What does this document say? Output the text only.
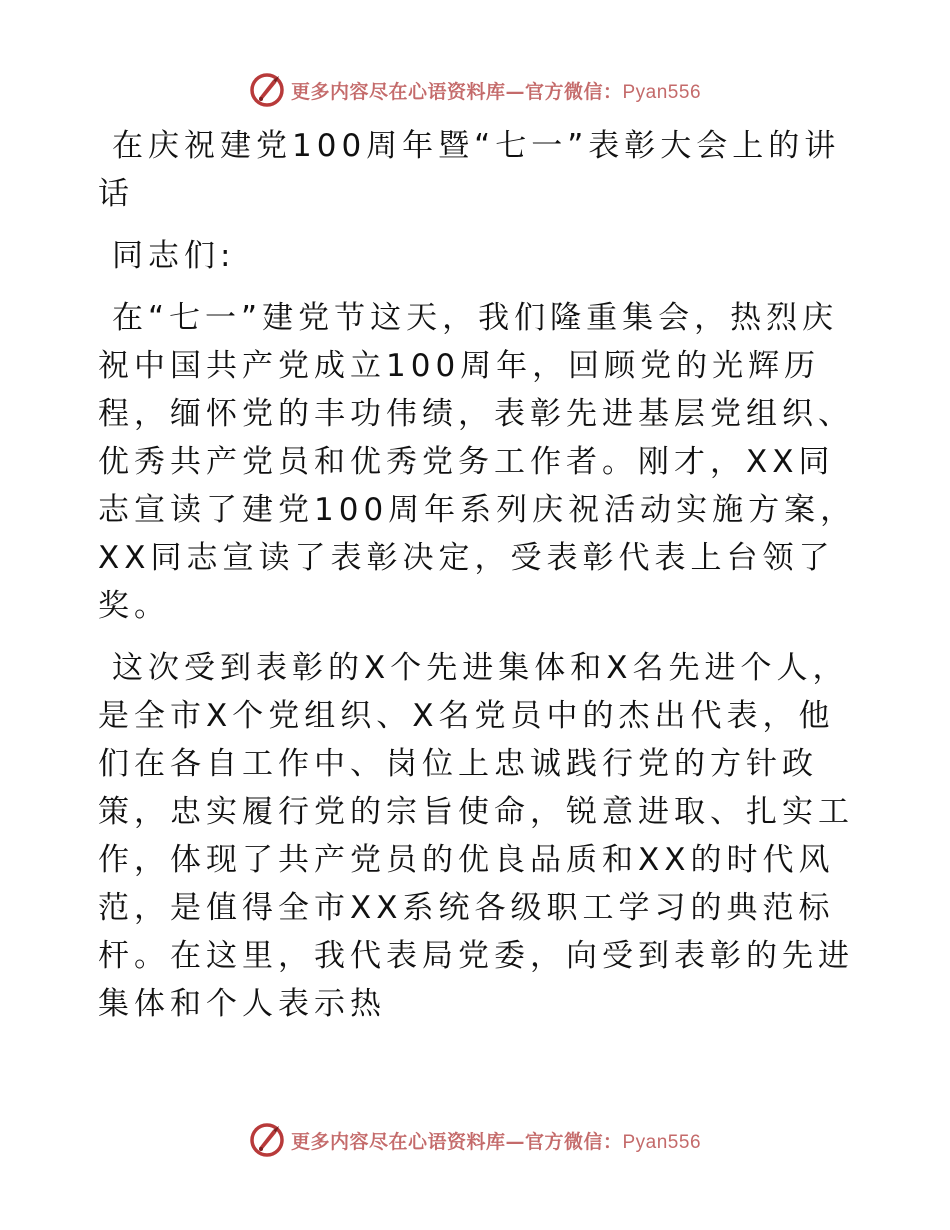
更多内容尽在心语资料库—官方微信：Pyan556

在庆祝建党100周年暨“七一”表彰大会上的讲话

同志们:

在“七一”建党节这天，我们隆重集会，热烈庆祝中国共产党成立100周年，回顾党的光辉历程，缅怀党的丰功伟绩，表彰先进基层党组织、优秀共产党员和优秀党务工作者。刚才，XX同志宣读了建党100周年系列庆祝活动实施方案，XX同志宣读了表彰决定，受表彰代表上台领了奖。

这次受到表彰的X个先进集体和X名先进个人，是全市X个党组织、X名党员中的杰出代表，他们在各自工作中、岗位上忠诚践行党的方针政策，忠实履行党的宗旨使命，锐意进取、扎实工作，体现了共产党员的优良品质和XX的时代风范，是值得全市XX系统各级职工学习的典范标杆。在这里，我代表局党委，向受到表彰的先进集体和个人表示热

更多内容尽在心语资料库—官方微信：Pyan556
